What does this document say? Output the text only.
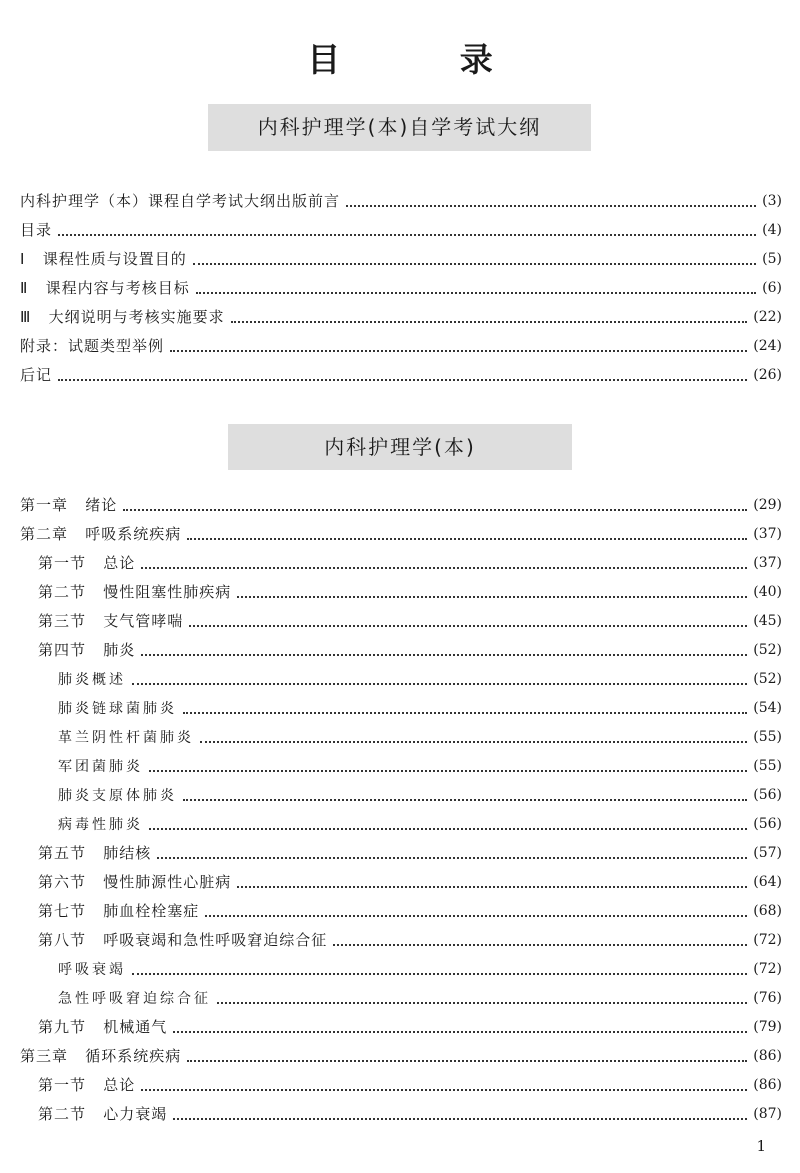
目 录
内科护理学(本)自学考试大纲
内科护理学（本）课程自学考试大纲出版前言	(3)
目录	(4)
Ⅰ   课程性质与设置目的	(5)
Ⅱ   课程内容与考核目标	(6)
Ⅲ   大纲说明与考核实施要求	(22)
附录：试题类型举例	(24)
后记	(26)
内科护理学(本)
第一章   绪论	(29)
第二章   呼吸系统疾病	(37)
第一节   总论	(37)
第二节   慢性阻塞性肺疾病	(40)
第三节   支气管哮喘	(45)
第四节   肺炎	(52)
肺炎概述	(52)
肺炎链球菌肺炎	(54)
革兰阴性杆菌肺炎	(55)
军团菌肺炎	(55)
肺炎支原体肺炎	(56)
病毒性肺炎	(56)
第五节   肺结核	(57)
第六节   慢性肺源性心脏病	(64)
第七节   肺血栓栓塞症	(68)
第八节   呼吸衰竭和急性呼吸窘迫综合征	(72)
呼吸衰竭	(72)
急性呼吸窘迫综合征	(76)
第九节   机械通气	(79)
第三章   循环系统疾病	(86)
第一节   总论	(86)
第二节   心力衰竭	(87)
1
